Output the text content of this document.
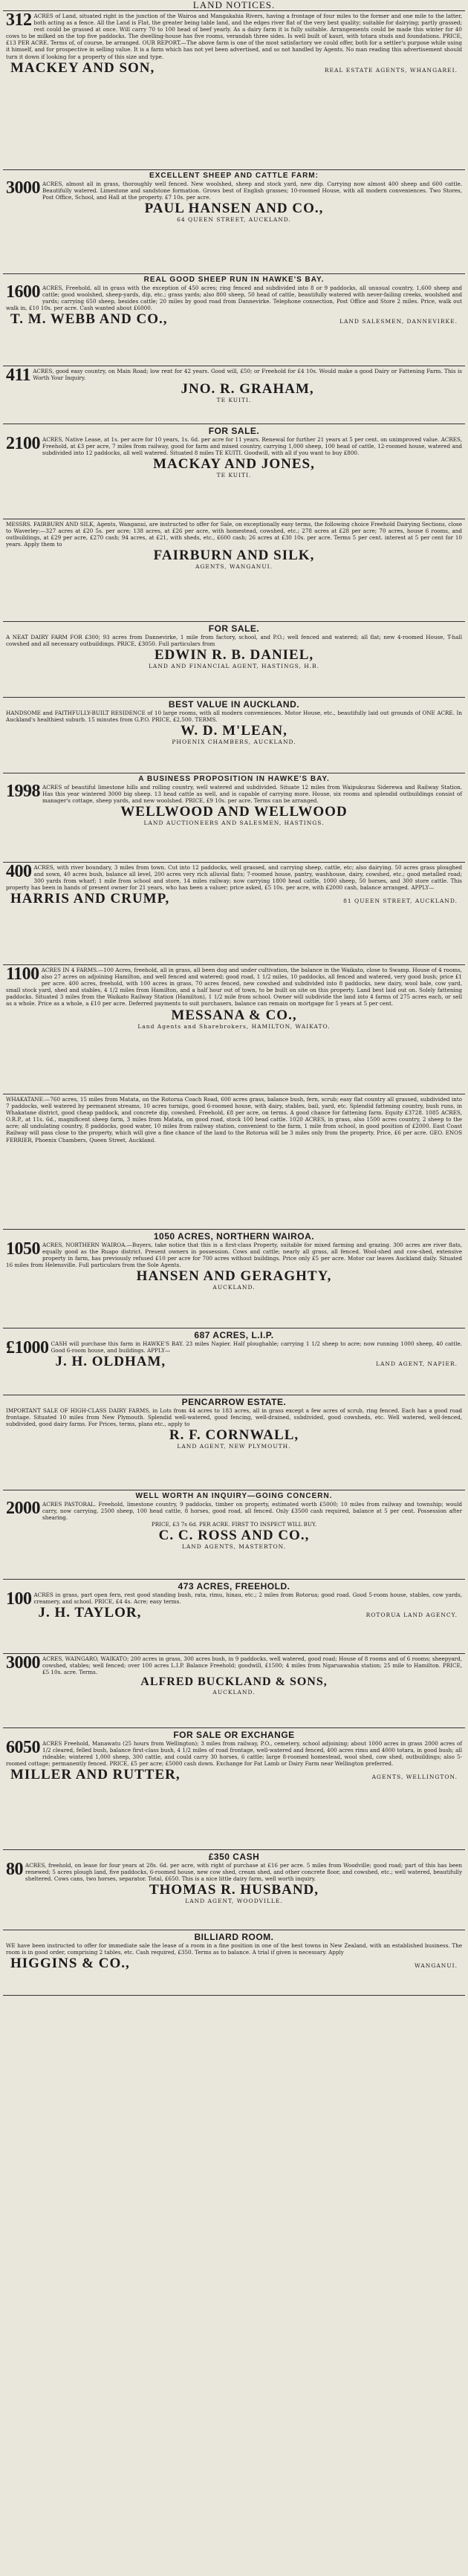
LAND NOTICES.

312 ACRES of Land, situated right in the junction of the Wairoa and Mangakahia Rivers, having a frontage of four miles to the former and one mile to the latter, both acting as a fence. All the Land is Flat, the greater being table land, and the edges river flat of the very best quality; suitable for dairying; partly grassed; rest could be grassed at once. Will carry 70 to 100 head of beef yearly. As a dairy farm it is fully suitable. Arrangements could be made this winter for 40 cows to be milked on the top five paddocks. The dwelling-house has five rooms, verandah three sides. Is well built of kauri, with totara studs and foundations. PRICE, £13 PER ACRE. Terms of, of course, be arranged. OUR REPORT.—The above farm is one of the most satisfactory we could offer, both for a settler's purpose while using it himself, and for prospective in selling value. It is a farm which has not yet been advertised, and so not handled by Agents. No man reading this advertisement should turn it down if looking for a property of this size and type.

MACKEY AND SON,	REAL ESTATE AGENTS, WHANGAREI.
EXCELLENT SHEEP AND CATTLE FARM:

3000 ACRES, almost all in grass, thoroughly well fenced. New woolshed, sheep and stock yard, new dip. Carrying now almost 400 sheep and 600 cattle. Beautifully watered. Limestone and sandstone formation. Grows best of English grasses; 10-roomed House, with all modern conveniences. Two Stores, Post Office, School, and Hall at the property. £7 10s. per acre.

PAUL HANSEN AND CO.,
64 QUEEN STREET, AUCKLAND.
REAL GOOD SHEEP RUN IN HAWKE'S BAY.

1600 ACRES, Freehold, all in grass with the exception of 450 acres; ring fenced and subdivided into 8 or 9 paddocks, all unusual country, 1,600 sheep and cattle; good woolshed, sheep-yards, dip, etc.; grass yards; also 800 sheep, 50 head of cattle, beautifully watered with never-failing creeks, woolshed and yards; carrying 650 sheep, besides cattle; 20 miles by good road from Dannevirke. Telephone connection, Post Office and Store 2 miles. Price, walk out walk in, £10 10s. per acre. Cash wanted about £6000.

T. M. WEBB AND CO.,	LAND SALESMEN, DANNEVIRKE.

411 ACRES, good easy country, on Main Road; low rent for 42 years. Good will, £50; or Freehold for £4 10s. Would make a good Dairy or Fattening Farm. This is Worth Your Inquiry.

JNO. R. GRAHAM,
TE KUITI.
FOR SALE.

2100 ACRES, Native Lease, at 1s. per acre for 10 years, 1s. 6d. per acre for 11 years. Renewal for further 21 years at 5 per cent. on unimproved value. ACRES, Freehold, at £3 per acre, 7 miles from railway, good for farm and mixed country, carrying 1,000 sheep, 100 head of cattle, 12-roomed house, watered and subdivided into 12 paddocks, all well watered. Situated 8 miles TE KUITI. Goodwill, with all if you want to buy £800.

MACKAY AND JONES,
TE KUITI.

MESSRS. FAIRBURN AND SILK, Agents, Wanganui, are instructed to offer for Sale, on exceptionally easy terms, the following choice Freehold Dairying Sections, close to Waverley:—327 acres at £20 5s. per acre; 138 acres, at £26 per acre, with homestead, cowshed, etc.; 278 acres at £28 per acre; 70 acres, house 6 rooms, and outbuildings, at £29 per acre, £270 cash; 94 acres, at £21, with sheds, etc., £600 cash; 26 acres at £30 10s. per acre. Terms 5 per cent. interest at 5 per cent for 10 years. Apply them to

FAIRBURN AND SILK,
AGENTS, WANGANUI.
FOR SALE.

A NEAT DAIRY FARM FOR £300; 93 acres from Dannevirke, 1 mile from factory, school, and P.O.; well fenced and watered; all flat; new 4-roomed House, T-hall cowshed and all necessary outbuildings. PRICE, £3050. Full particulars from

EDWIN R. B. DANIEL,
LAND AND FINANCIAL AGENT, HASTINGS, H.B.
BEST VALUE IN AUCKLAND.

HANDSOME and FAITHFULLY-BUILT RESIDENCE of 10 large rooms, with all modern conveniences. Motor House, etc., beautifully laid out grounds of ONE ACRE. In Auckland's healthiest suburb. 15 minutes from G.P.O. PRICE, £2,500. TERMS.

W. D. M'LEAN,
PHOENIX CHAMBERS, AUCKLAND.
A BUSINESS PROPOSITION IN HAWKE'S BAY.

1998 ACRES of beautiful limestone hills and rolling country, well watered and subdivided. Situate 12 miles from Waipukurau Siderewa and Railway Station. Has this year wintered 3000 big sheep. 13 head cattle as well, and is capable of carrying more. House, six rooms and splendid outbuildings consist of manager's cottage, sheep yards, and new woolshed. PRICE, £9 10s. per acre. Terms can be arranged.

WELLWOOD AND WELLWOOD
LAND AUCTIONEERS AND SALESMEN, HASTINGS.

400 ACRES, with river boundary, 3 miles from town. Cut into 12 paddocks, well grassed, and carrying sheep, cattle, etc; also dairying. 50 acres grass ploughed and sown, 40 acres bush, balance all level, 200 acres very rich alluvial flats; 7-roomed house, pantry, washhouse, dairy, cowshed, etc.; good metalled road; 300 yards from wharf; 1 mile from school and store, 14 miles railway; now carrying 1800 head cattle, 1000 sheep, 50 horses, and 300 store cattle. This property has been in hands of present owner for 21 years, who has been a valuer; price asked, £5 10s. per acre, with £2000 cash, balance arranged. APPLY—

HARRIS AND CRUMP,	81 QUEEN STREET, AUCKLAND.

1100 ACRES IN 4 FARMS.—100 Acres, freehold, all in grass, all been dug and under cultivation, the balance in the Waikato, close to Swamp. House of 4 rooms, also 27 acres on adjoining Hamilton, and well fenced and watered; good road, 1 1/2 miles, 10 paddocks, all fenced and watered, very good bush; price £1 per acre. 400 acres, freehold, with 100 acres in grass, 70 acres fenced, new cowshed and subdivided into 8 paddocks, new dairy, wool bale, cow yard, small stock yard, shed and stables, 4 1/2 miles from Hamilton, and a half hour out of town, to be built on site on this property. Land best laid out on. Solely fattening paddocks. Situated 3 miles from the Waikato Railway Station (Hamilton), 1 1/2 mile from school. Owner will subdivide the land into 4 farms of 275 acres each, or sell as a whole. Price as a whole, a £10 per acre. Deferred payments to suit purchasers, balance can remain on mortgage for 5 years at 5 per cent.

MESSANA & CO.,
Land Agents and Sharebrokers, HAMILTON, WAIKATO.

WHAKATANE.—760 acres, 15 miles from Matata, on the Rotorua Coach Road, 600 acres grass, balance bush, fern, scrub; easy flat country all grassed, subdivided into 7 paddocks, well watered by permanent streams, 10 acres turnips, good 6-roomed house, with dairy, stables, bail, yard, etc. Splendid fattening country, bush runs, in Whakatane district, good cheap paddock, and concrete dip, cowshed. Freehold, £8 per acre, on terms. A good chance for fattening farm. Equity £3728. 1085 ACRES, O.R.P., at 11s. 6d., magnificent sheep farm, 3 miles from Matata, on good road, stock 100 head cattle. 1020 ACRES, in grass, also 1500 acres country, 2 sheep to the acre; all undulating country, 8 paddocks, good water, 10 miles from railway station, convenient to the farm, 1 mile from school, in good position of £2000. East Coast Railway will pass close to the property, which will give a fine chance of the land to the Rotorua will be 3 miles only from the property. Price, £6 per acre. GEO. ENOS FERRIER, Phoenix Chambers, Queen Street, Auckland.

1050 ACRES, NORTHERN WAIROA.

1050 ACRES, NORTHERN WAIROA.—Buyers, take notice that this is a first-class Property, suitable for mixed farming and grazing. 300 acres are river flats, equally good as the Ruapo district. Present owners in possession. Cows and cattle; nearly all grass, all fenced. Wool-shed and cow-shed, extensive property in farm, has previously refused £10 per acre for 700 acres without buildings. Price only £5 per acre. Motor car leaves Auckland daily. Situated 16 miles from Helensville. Full particulars from the Sole Agents.

HANSEN AND GERAGHTY,
AUCKLAND.
687 ACRES, L.I.P.

£1000 CASH will purchase this farm in HAWKE'S BAY. 23 miles Napier. Half ploughable; carrying 1 1/2 sheep to acre; now running 1000 sheep, 40 cattle. Good 6-room house, and buildings. APPLY—

J. H. OLDHAM,	LAND AGENT, NAPIER.
PENCARROW ESTATE.

IMPORTANT SALE OF HIGH-CLASS DAIRY FARMS, in Lots from 44 acres to 183 acres, all in grass except a few acres of scrub, ring fenced. Each has a good road frontage. Situated 10 miles from New Plymouth. Splendid well-watered, good fencing, well-drained, subdivided, good cowsheds, etc. Well watered, well-fenced, subdivided, good dairy farms. For Prices, terms, plans etc., apply to

R. F. CORNWALL,
LAND AGENT, NEW PLYMOUTH.
WELL WORTH AN INQUIRY—GOING CONCERN.

2000 ACRES PASTORAL. Freehold, limestone country, 9 paddocks, timber on property, estimated worth £5000; 10 miles from railway and township; would carry, now carrying, 2500 sheep, 100 head cattle, 8 horses, good road, all fenced. Only £3500 cash required, balance at 5 per cent. Possession after shearing.

PRICE, £3 7s 6d. PER ACRE. FIRST TO INSPECT WILL BUY.

C. C. ROSS AND CO.,
LAND AGENTS, MASTERTON.
473 ACRES, FREEHOLD.

100 ACRES in grass, part open fern, rest good standing bush, rata, rimu, hinau, etc.; 2 miles from Rotorua; good road. Good 5-room house, stables, cow yards, creamery, and school. PRICE, £4 4s. Acre; easy terms.

J. H. TAYLOR,	ROTORUA LAND AGENCY.

3000 ACRES, WAINGARO, WAIKATO; 200 acres in grass, 300 acres bush, in 9 paddocks, well watered, good road; House of 8 rooms and of 6 rooms; sheepyard, cowshed, stables; well fenced; over 100 acres L.I.P. Balance Freehold; goodwill, £1500; 4 miles from Ngaruawahia station; 25 mile to Hamilton. PRICE, £5 10s. acre. Terms.

ALFRED BUCKLAND & SONS,
AUCKLAND.
FOR SALE OR EXCHANGE

6050 ACRES Freehold, Manawatu (25 hours from Wellington); 3 miles from railway, P.O., cemetery, school adjoining; about 1000 acres in grass 2000 acres of 1/2 cleared, felled bush, balance first-class bush, 4 1/2 miles of road frontage, well-watered and fenced, 400 acres rimu and 4000 totara, in good bush; all rideable; wintered 1,000 sheep, 300 cattle, and could carry 30 horses, 6 cattle; large 8-roomed homestead, wool shed, cow shed, outbuildings; also 5-roomed cottage; permanently fenced. PRICE, £5 per acre; £5000 cash down. Exchange for Fat Lamb or Dairy Farm near Wellington preferred.

MILLER AND RUTTER,	AGENTS, WELLINGTON.
£350 CASH

80 ACRES, freehold, on lease for four years at 28s. 6d. per acre, with right of purchase at £16 per acre. 5 miles from Woodville; good road; part of this has been renewed; 5 acres plough land, five paddocks, 6-roomed house, new cow shed, cream shed, and other concrete floor, and cowshed, etc.; well watered, beautifully sheltered. Cows cans, two horses, separator. Total, £650. This is a nice little dairy farm, well worth inquiry.

THOMAS R. HUSBAND,
LAND AGENT, WOODVILLE.
BILLIARD ROOM.

WE have been instructed to offer for immediate sale the lease of a room in a fine position in one of the best towns in New Zealand, with an established business. The room is in good order, comprising 2 tables, etc. Cash required, £350. Terms as to balance. A trial if given is necessary. Apply

HIGGINS & CO.,	WANGANUI.
